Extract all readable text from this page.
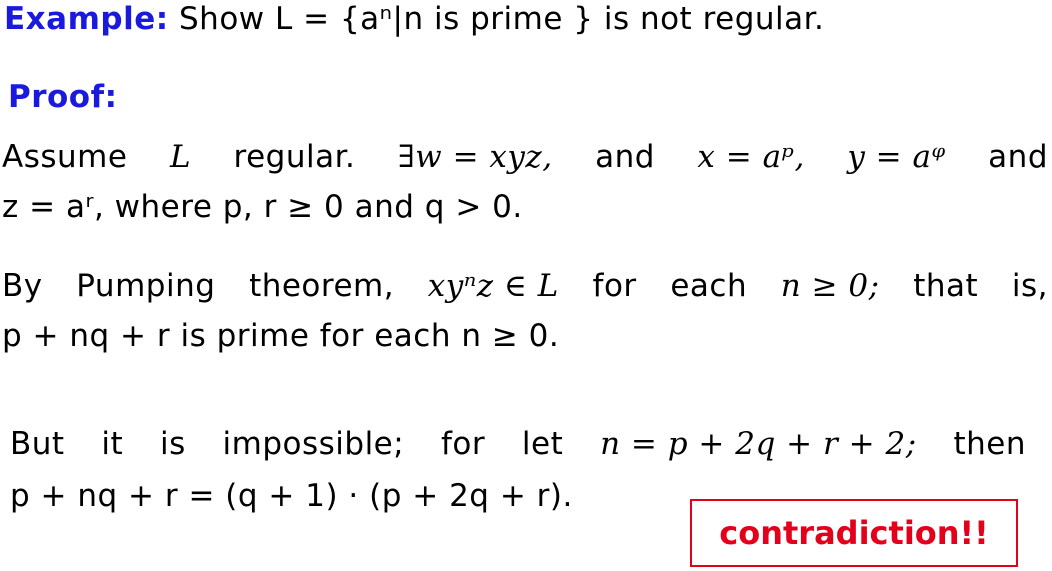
Example: Show L = {aⁿ|n is prime } is not regular.
Proof:
Assume L regular. ∃w = xyz, and x = aᵖ, y = aᵠ and
z = aʳ, where p, r ≥ 0 and q > 0.
By Pumping theorem, xyⁿz ∈ L for each n ≥ 0; that is,
p + nq + r is prime for each n ≥ 0.
But it is impossible; for let n = p + 2q + r + 2; then
p + nq + r = (q + 1) · (p + 2q + r).
contradiction!!
